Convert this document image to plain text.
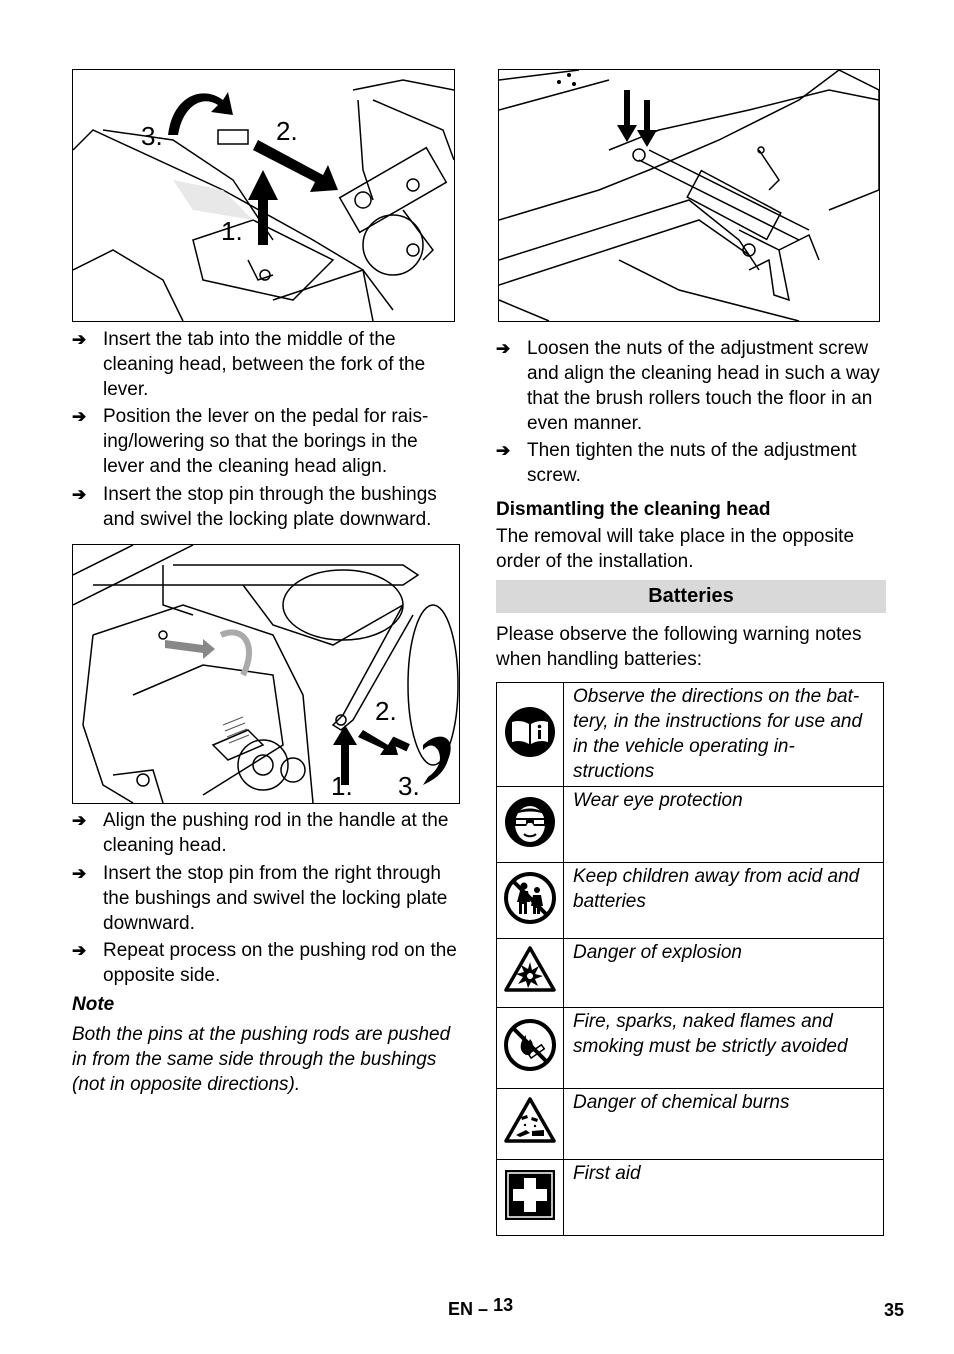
1.
2.
3.
➔ Insert the tab into the middle of the cleaning head, between the fork of the lever.
➔ Position the lever on the pedal for rais-ing/lowering so that the borings in the lever and the cleaning head align.
➔ Insert the stop pin through the bushings and swivel the locking plate downward.
1.
2.
3.
➔ Align the pushing rod in the handle at the cleaning head.
➔ Insert the stop pin from the right through the bushings and swivel the locking plate downward.
➔ Repeat process on the pushing rod on the opposite side.
Note
Both the pins at the pushing rods are pushed in from the same side through the bushings (not in opposite directions).
➔ Loosen the nuts of the adjustment screw and align the cleaning head in such a way that the brush rollers touch the floor in an even manner.
➔ Then tighten the nuts of the adjustment screw.
Dismantling the cleaning head
The removal will take place in the opposite order of the installation.
Batteries
Please observe the following warning notes when handling batteries:
	Observe the directions on the bat-tery, in the instructions for use and in the vehicle operating in-structions
	Wear eye protection
	Keep children away from acid and batteries
	Danger of explosion
	Fire, sparks, naked flames and smoking must be strictly avoided
	Danger of chemical burns
	First aid
EN – 13	35
